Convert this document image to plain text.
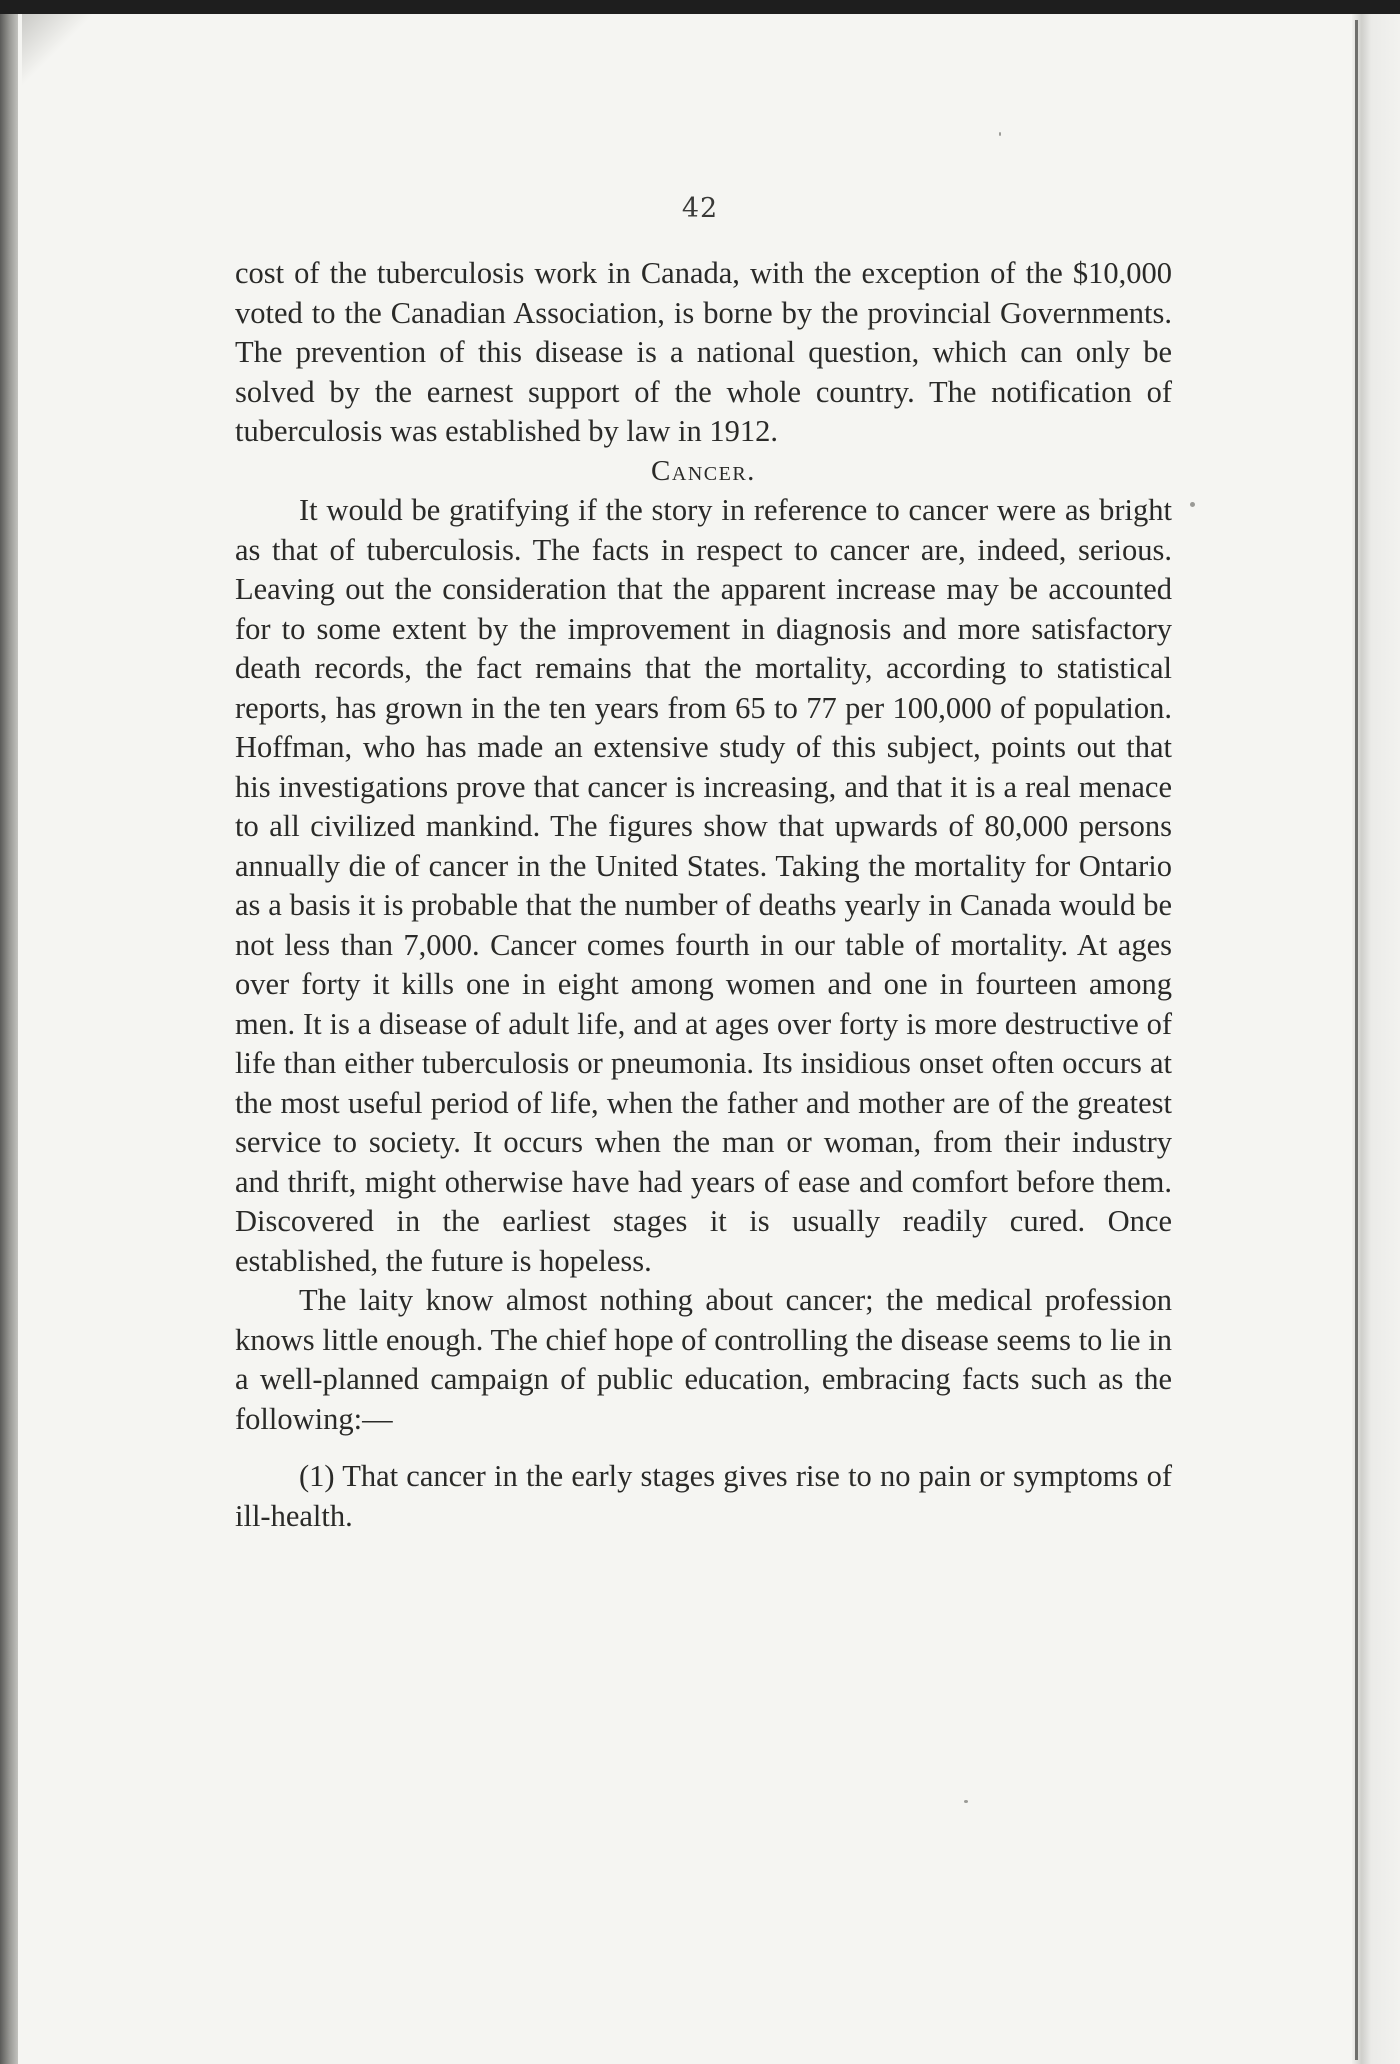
42

cost of the tuberculosis work in Canada, with the exception of the $10,000 voted to the Canadian Association, is borne by the provincial Governments. The prevention of this disease is a national question, which can only be solved by the earnest support of the whole country. The notification of tuberculosis was established by law in 1912.

Cancer.

It would be gratifying if the story in reference to cancer were as bright as that of tuberculosis. The facts in respect to cancer are, indeed, serious. Leaving out the consideration that the apparent increase may be accounted for to some extent by the improvement in diagnosis and more satisfactory death records, the fact remains that the mortality, according to statistical reports, has grown in the ten years from 65 to 77 per 100,000 of population. Hoffman, who has made an extensive study of this subject, points out that his investigations prove that cancer is increasing, and that it is a real menace to all civilized mankind. The figures show that upwards of 80,000 persons annually die of cancer in the United States. Taking the mortality for Ontario as a basis it is probable that the number of deaths yearly in Canada would be not less than 7,000. Cancer comes fourth in our table of mortality. At ages over forty it kills one in eight among women and one in fourteen among men. It is a disease of adult life, and at ages over forty is more destructive of life than either tuberculosis or pneumonia. Its insidious onset often occurs at the most useful period of life, when the father and mother are of the greatest service to society. It occurs when the man or woman, from their industry and thrift, might otherwise have had years of ease and comfort before them. Discovered in the earliest stages it is usually readily cured. Once established, the future is hopeless.

The laity know almost nothing about cancer; the medical profession knows little enough. The chief hope of controlling the disease seems to lie in a well-planned campaign of public education, embracing facts such as the following:—

(1) That cancer in the early stages gives rise to no pain or symptoms of ill-health.
